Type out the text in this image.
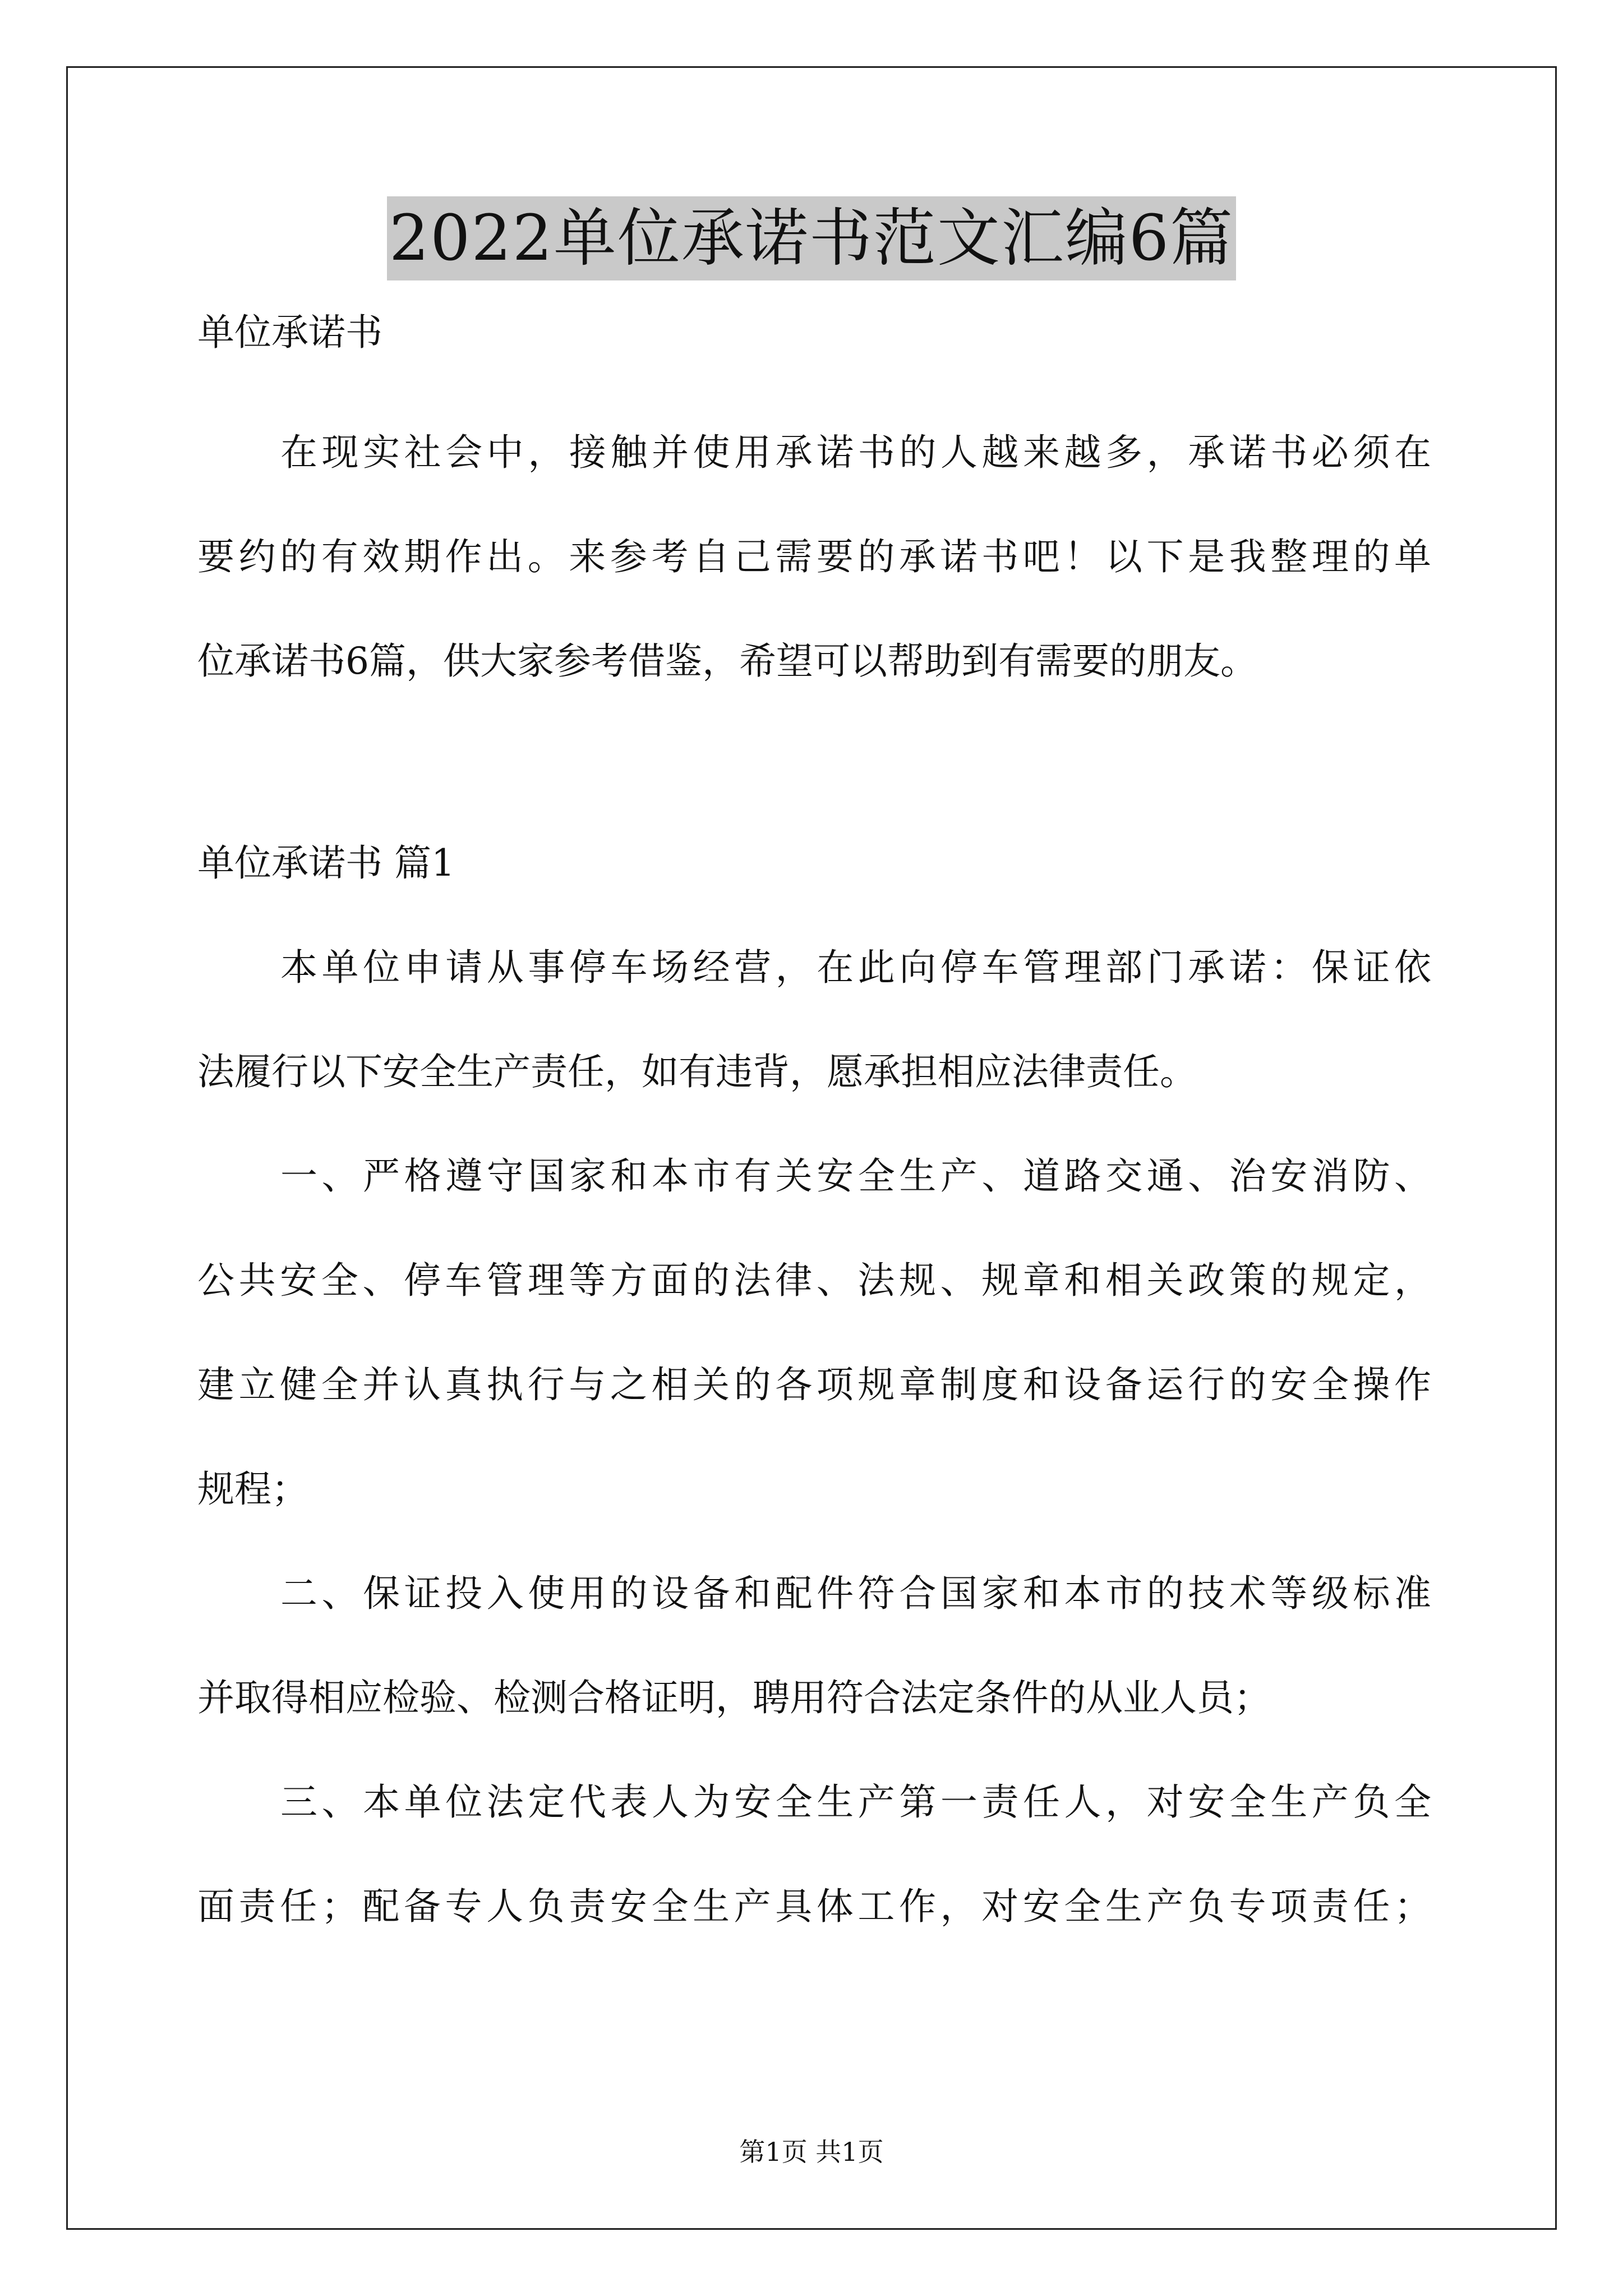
2022单位承诺书范文汇编6篇
单位承诺书
在现实社会中，接触并使用承诺书的人越来越多，承诺书必须在
要约的有效期作出。来参考自己需要的承诺书吧！以下是我整理的单
位承诺书6篇，供大家参考借鉴，希望可以帮助到有需要的朋友。
单位承诺书 篇1
本单位申请从事停车场经营，在此向停车管理部门承诺：保证依
法履行以下安全生产责任，如有违背，愿承担相应法律责任。
一、严格遵守国家和本市有关安全生产、道路交通、治安消防、
公共安全、停车管理等方面的法律、法规、规章和相关政策的规定，
建立健全并认真执行与之相关的各项规章制度和设备运行的安全操作
规程；
二、保证投入使用的设备和配件符合国家和本市的技术等级标准
并取得相应检验、检测合格证明，聘用符合法定条件的从业人员；
三、本单位法定代表人为安全生产第一责任人，对安全生产负全
面责任；配备专人负责安全生产具体工作，对安全生产负专项责任；
第1页 共1页
